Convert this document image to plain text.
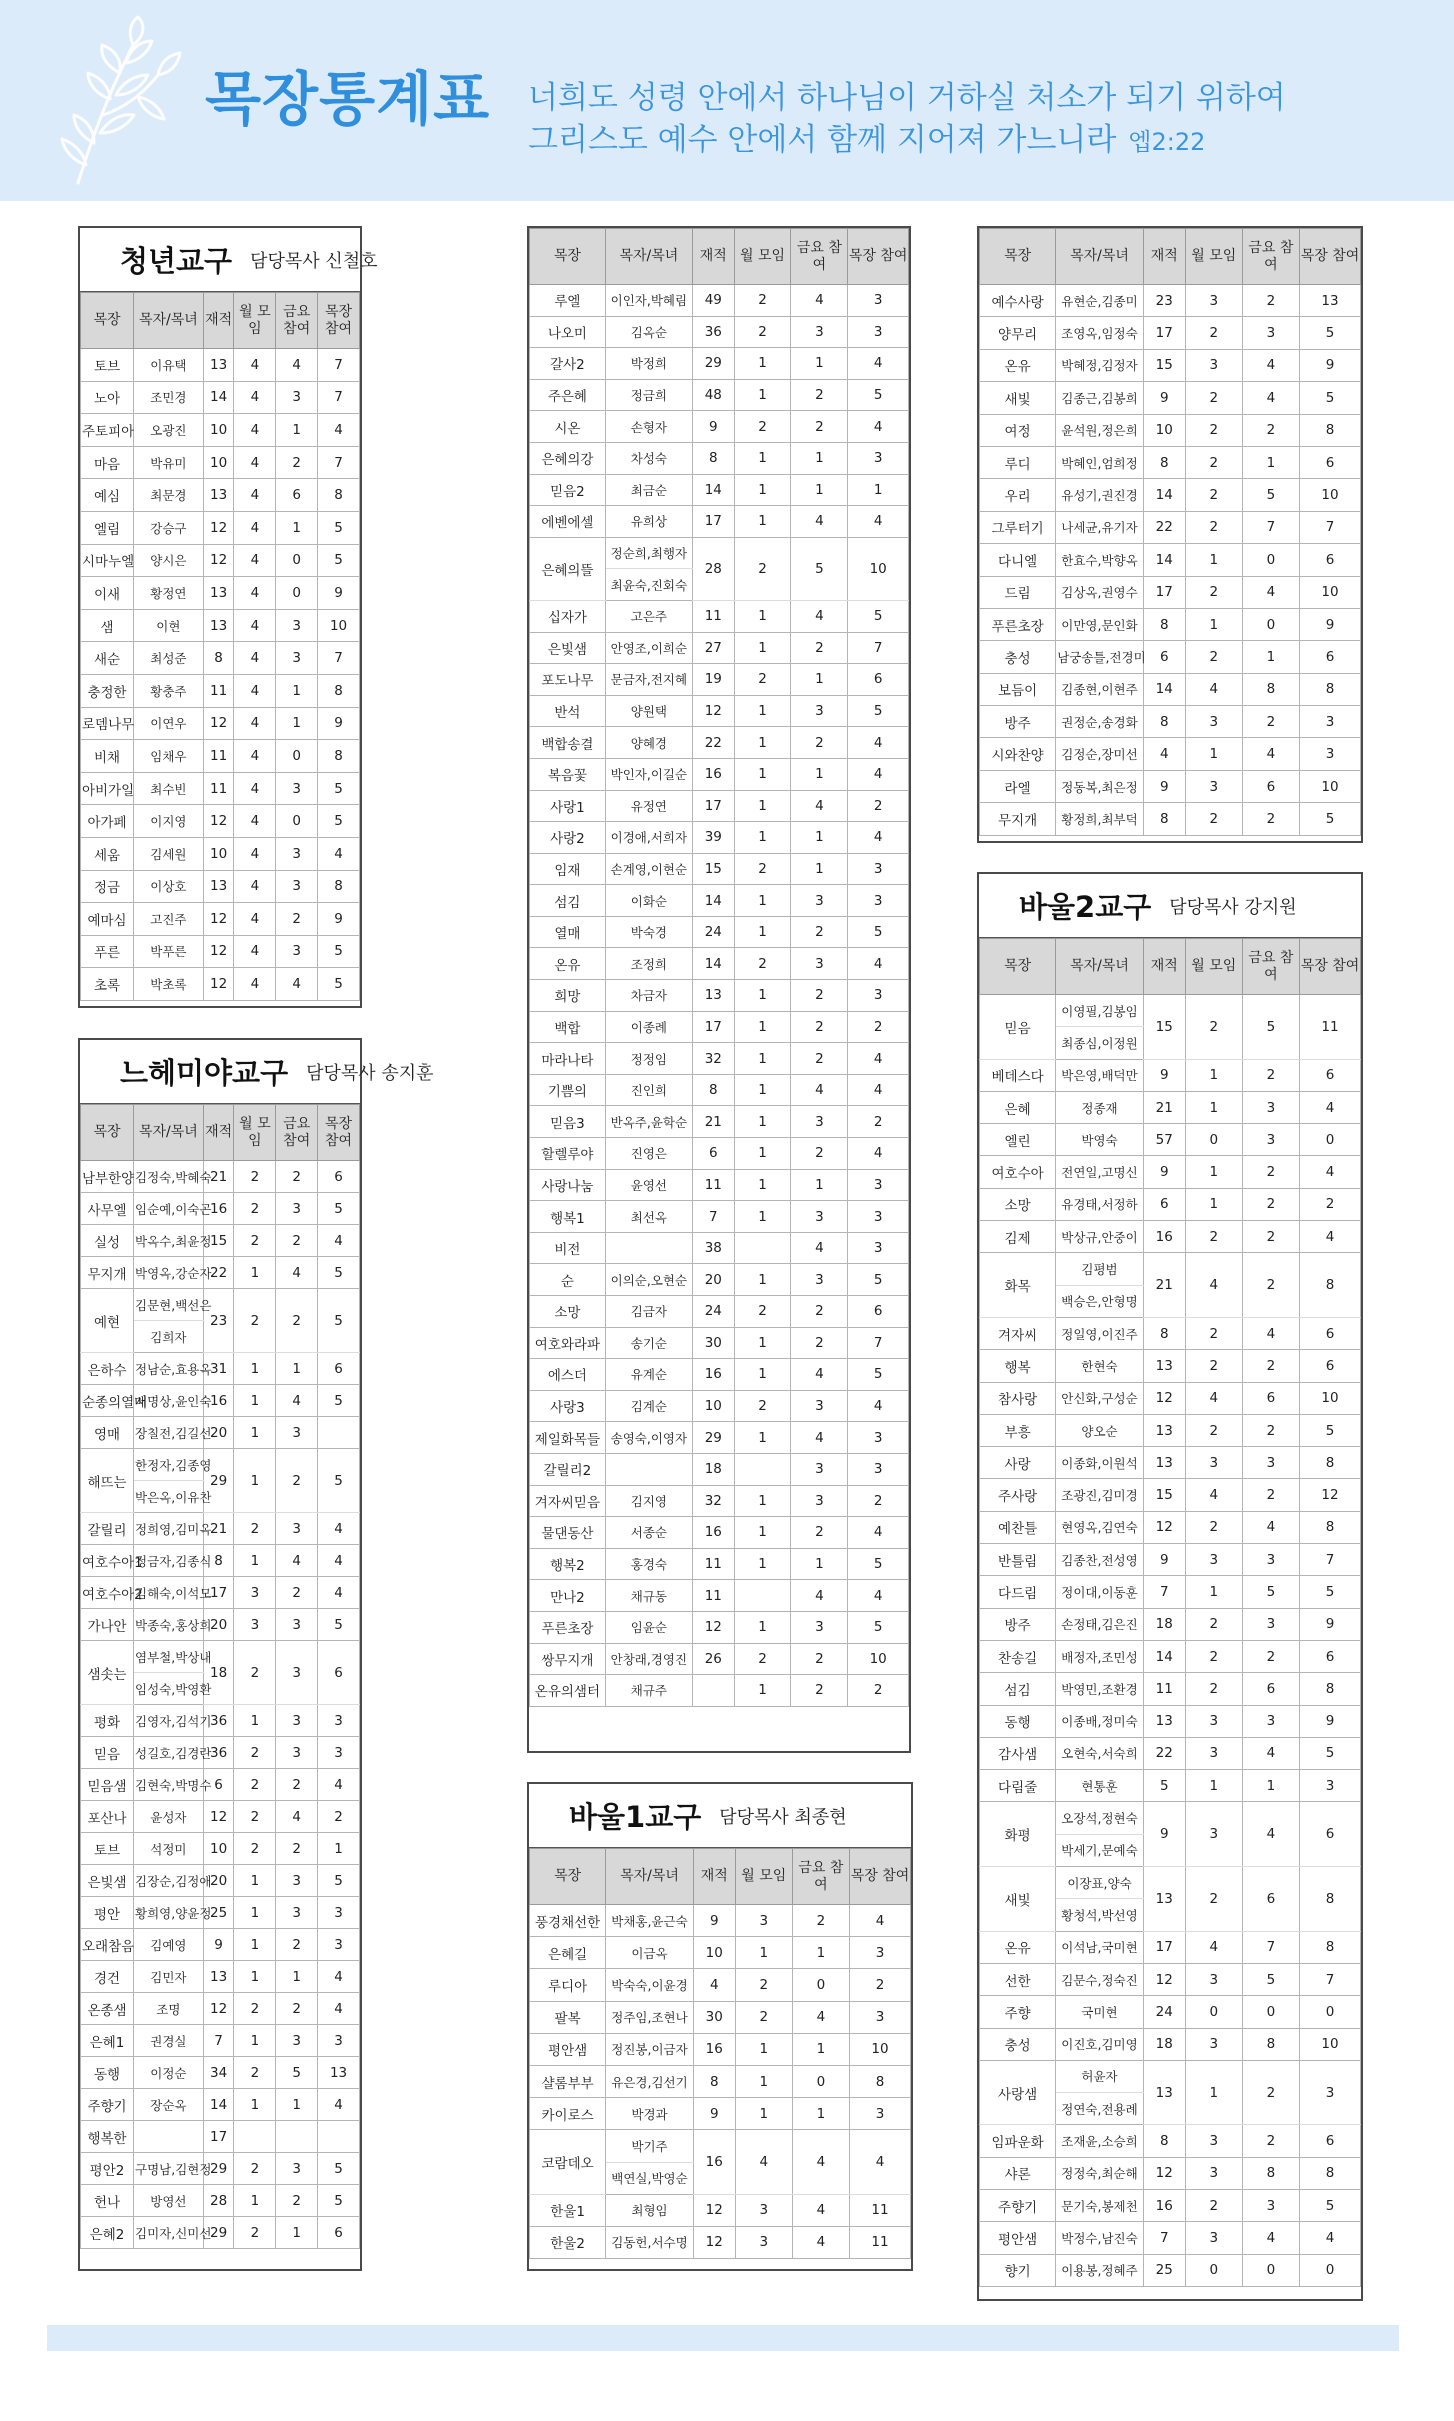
목장통계표 너희도 성령 안에서 하나님이 거하실 처소가 되기 위하여
그리스도 예수 안에서 함께 지어져 가느니라 엡2:22
청년교구 담당목사 신철호
목장	목자/목녀	재적	월 모임	금요 참여	목장 참여
토브	이유택	13	4	4	7
노아	조민경	14	4	3	7
주토피아	오광진	10	4	1	4
마음	박유미	10	4	2	7
예심	최문경	13	4	6	8
엘림	강승구	12	4	1	5
시마누엘	양시은	12	4	0	5
이새	황정연	13	4	0	9
샘	이현	13	4	3	10
새순	최성준	8	4	3	7
충정한	황충주	11	4	1	8
로뎀나무	이연우	12	4	1	9
비채	임채우	11	4	0	8
아비가일	최수빈	11	4	3	5
아가페	이지영	12	4	0	5
세움	김세원	10	4	3	4
정금	이상호	13	4	3	8
예마심	고진주	12	4	2	9
푸른	박푸른	12	4	3	5
초록	박초록	12	4	4	5
느헤미야교구 담당목사 송지훈
목장	목자/목녀	재적	월 모임	금요 참여	목장 참여
남부한양	김정숙,박혜숙	21	2	2	6
사무엘	임순예,이숙곤	16	2	3	5
실성	박옥수,최윤정	15	2	2	4
무지개	박영옥,강순자	22	1	4	5
예현	김문현,백선은	23	2	2	5
	김희자				
은하수	정남순,효용옥	31	1	1	6
순종의열매	서명상,윤인숙	16	1	4	5
영매	장칠전,김길선	20	1	3	
해뜨는	한정자,김종영	29	1	2	5
	박은옥,이유찬				
갈릴리	정희영,김미옥	21	2	3	4
여호수아1	정금자,김종식	8	1	4	4
여호수아2	김해숙,이석모	17	3	2	4
가나안	박종숙,홍상희	20	3	3	5
샘솟는	염부철,박상내	18	2	3	6
	임성숙,박영환				
평화	김영자,김석기	36	1	3	3
믿음	성길호,김경란	36	2	3	3
믿음샘	김현숙,박명수	6	2	2	4
포산나	윤성자	12	2	4	2
토브	석정미	10	2	2	1
은빛샘	김장순,김정애	20	1	3	5
평안	황희영,양윤정	25	1	3	3
오래참음	김예영	9	1	2	3
경건	김민자	13	1	1	4
온종샘	조명	12	2	2	4
은혜1	권경실	7	1	3	3
동행	이정순	34	2	5	13
주향기	장순옥	14	1	1	4
행복한		17			
평안2	구명남,김현정	29	2	3	5
헌나	방영선	28	1	2	5
은혜2	김미자,신미선	29	2	1	6
목장	목자/목녀	재적	월 모임	금요 참여	목장 참여
루엘	이인자,박혜림	49	2	4	3
나오미	김옥순	36	2	3	3
갈사2	박정희	29	1	1	4
주은혜	정금희	48	1	2	5
시온	손형자	9	2	2	4
은혜의강	차성숙	8	1	1	3
믿음2	최금순	14	1	1	1
에벤에셀	유희상	17	1	4	4
은혜의뜰	정순희,최행자	28	2	5	10
	최윤숙,진회숙				
십자가	고은주	11	1	4	5
은빛샘	안영조,이희순	27	1	2	7
포도나무	문금자,전지혜	19	2	1	6
반석	양원택	12	1	3	5
백합송결	양혜경	22	1	2	4
복음꽃	박인자,이길순	16	1	1	4
사랑1	유정연	17	1	4	2
사랑2	이경애,서희자	39	1	1	4
임재	손계영,이현순	15	2	1	3
섬김	이화순	14	1	3	3
열매	박숙경	24	1	2	5
온유	조정희	14	2	3	4
희망	차금자	13	1	2	3
백합	이종례	17	1	2	2
마라나타	정정임	32	1	2	4
기쁨의	진인희	8	1	4	4
믿음3	반옥주,윤학순	21	1	3	2
할렐루야	진영은	6	1	2	4
사랑나눔	윤영선	11	1	1	3
행복1	최선옥	7	1	3	3
비전		38		4	3
순	이의순,오현순	20	1	3	5
소망	김금자	24	2	2	6
여호와라파	송기순	30	1	2	7
에스더	유계순	16	1	4	5
사랑3	김계순	10	2	3	4
제일화목들	송영숙,이영자	29	1	4	3
갈릴리2		18		3	3
겨자씨믿음	김지영	32	1	3	2
물댄동산	서종순	16	1	2	4
행복2	홍경숙	11	1	1	5
만나2	채규동	11		4	4
푸른초장	임윤순	12	1	3	5
쌍무지개	안창래,경영진	26	2	2	10
온유의샘터	채규주		1	2	2
바울1교구 담당목사 최종현
목장	목자/목녀	재적	월 모임	금요 참여	목장 참여
풍경채선한	박채홍,윤근숙	9	3	2	4
은혜길	이금옥	10	1	1	3
루디아	박숙숙,이윤경	4	2	0	2
팔복	정주임,조현나	30	2	4	3
평안샘	정진봉,이금자	16	1	1	10
샬롬부부	유은경,김선기	8	1	0	8
카이로스	박경과	9	1	1	3
코람데오	박기주	16	4	4	4
	백연실,박영순				
한울1	최형임	12	3	4	11
한울2	김동헌,서수명	12	3	4	11
목장	목자/목녀	재적	월 모임	금요 참여	목장 참여
예수사랑	유현순,김종미	23	3	2	13
양무리	조영옥,임정숙	17	2	3	5
온유	박혜정,김정자	15	3	4	9
새빛	김종근,김봉희	9	2	4	5
여정	윤석원,정은희	10	2	2	8
루디	박혜인,엄희정	8	2	1	6
우리	유성기,권진경	14	2	5	10
그루터기	나세균,유기자	22	2	7	7
다니엘	한효수,박향옥	14	1	0	6
드림	김상옥,권영수	17	2	4	10
푸른초장	이만영,문인화	8	1	0	9
충성	남궁송틀,전경미	6	2	1	6
보듬이	김종현,이현주	14	4	8	8
방주	권정순,송경화	8	3	2	3
시와찬양	김정순,장미선	4	1	4	3
라엘	정동복,최은정	9	3	6	10
무지개	황정희,최부덕	8	2	2	5
바울2교구 담당목사 강지원
목장	목자/목녀	재적	월 모임	금요 참여	목장 참여
믿음	이영필,김봉임	15	2	5	11
	최종심,이정원				
베데스다	박은영,배덕만	9	1	2	6
은혜	정종재	21	1	3	4
엘린	박영숙	57	0	3	0
여호수아	전연일,고명신	9	1	2	4
소망	유경태,서정하	6	1	2	2
김제	박상규,안중이	16	2	2	4
화목	김평범	21	4	2	8
	백승은,안형명				
겨자씨	정일영,이진주	8	2	4	6
행복	한현숙	13	2	2	6
참사랑	안신화,구성순	12	4	6	10
부흥	양오순	13	2	2	5
사랑	이종화,이원석	13	3	3	8
주사랑	조광진,김미경	15	4	2	12
예찬틀	현영옥,김연숙	12	2	4	8
반틀림	김종찬,전성영	9	3	3	7
다드림	정이대,이동훈	7	1	5	5
방주	손정태,김은진	18	2	3	9
찬송길	배정자,조민성	14	2	2	6
섬김	박영민,조환경	11	2	6	8
동행	이종배,정미숙	13	3	3	9
감사샘	오현숙,서숙희	22	3	4	5
다림줄	현통훈	5	1	1	3
화평	오장석,정현숙	9	3	4	6
	박세기,문예숙				
새빛	이장표,양숙	13	2	6	8
	황청석,박선영				
온유	이석남,국미현	17	4	7	8
선한	김문수,정숙진	12	3	5	7
주향	국미현	24	0	0	0
충성	이진호,김미영	18	3	8	10
사랑샘	허윤자	13	1	2	3
	정연숙,전용례				
임파운화	조재윤,소승희	8	3	2	6
샤론	정정숙,최순해	12	3	8	8
주향기	문기숙,봉제천	16	2	3	5
평안샘	박정수,남진숙	7	3	4	4
향기	이용봉,정혜주	25	0	0	0
